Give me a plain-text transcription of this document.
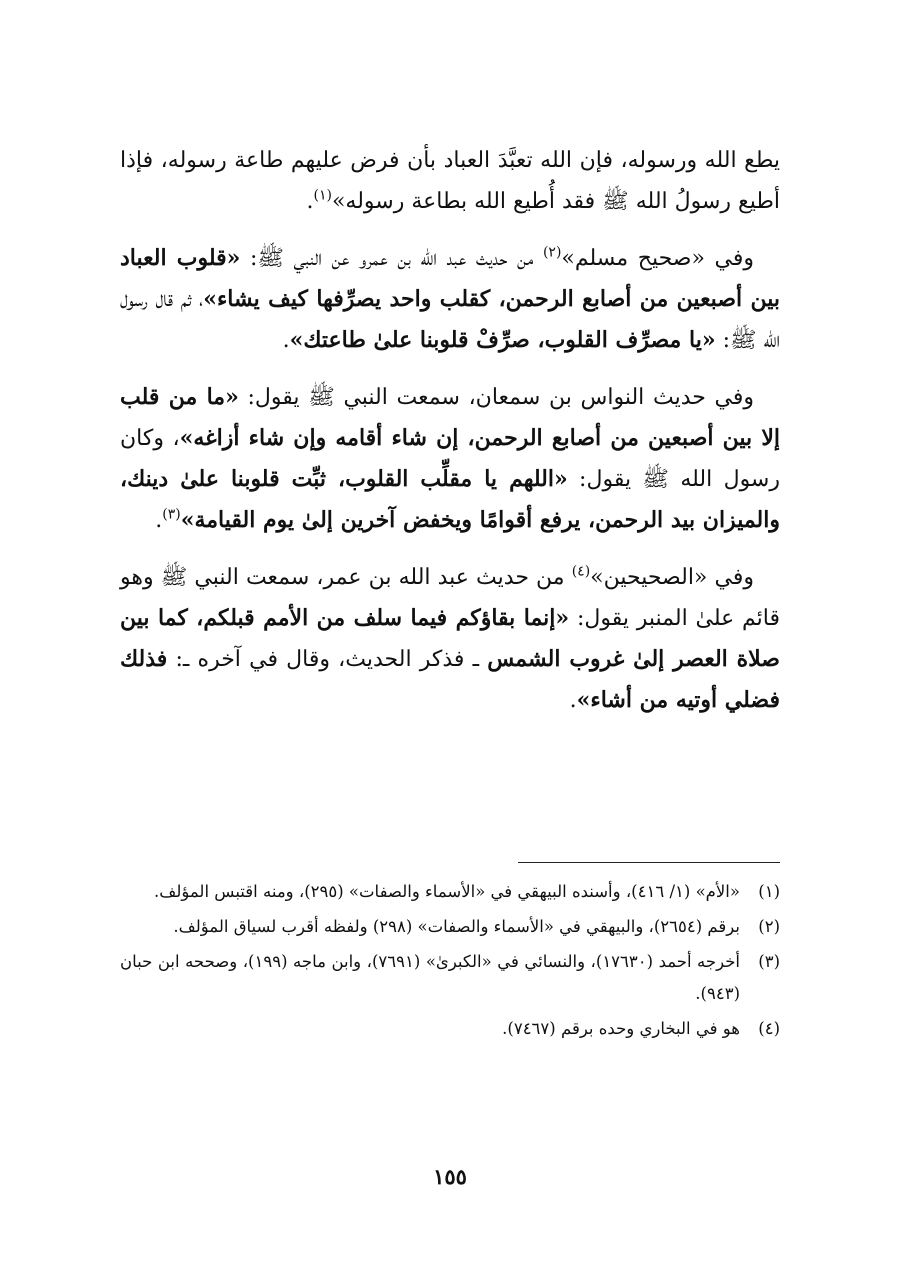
يطع الله ورسوله، فإن الله تعبَّدَ العباد بأن فرض عليهم طاعة رسوله، فإذا أطيع رسولُ الله ﷺ فقد أُطيع الله بطاعة رسوله»$^{(١)}$.

وفي «صحيح مسلم»$^{(٢)}$ من حديث عبد الله بن عمرو عن النبي ﷺ: «قلوب العباد بين أصبعين من أصابع الرحمن، كقلب واحد يصرِّفها كيف يشاء»، ثم قال رسول الله ﷺ: «يا مصرِّف القلوب، صرِّفْ قلوبنا علىٰ طاعتك».

وفي حديث النواس بن سمعان، سمعت النبي ﷺ يقول: «ما من قلب إلا بين أصبعين من أصابع الرحمن، إن شاء أقامه وإن شاء أزاغه»، وكان رسول الله ﷺ يقول: «اللهم يا مقلِّب القلوب، ثبِّت قلوبنا علىٰ دينك، والميزان بيد الرحمن، يرفع أقوامًا ويخفض آخرين إلىٰ يوم القيامة»$^{(٣)}$.

وفي «الصحيحين»$^{(٤)}$ من حديث عبد الله بن عمر، سمعت النبي ﷺ وهو قائم علىٰ المنبر يقول: «إنما بقاؤكم فيما سلف من الأمم قبلكم، كما بين صلاة العصر إلىٰ غروب الشمس ـ فذكر الحديث، وقال في آخره ـ: فذلك فضلي أوتيه من أشاء».

(١)
«الأم» (١/ ٤١٦)، وأسنده البيهقي في «الأسماء والصفات» (٢٩٥)، ومنه اقتبس المؤلف.
(٢)
برقم (٢٦٥٤)، والبيهقي في «الأسماء والصفات» (٢٩٨) ولفظه أقرب لسياق المؤلف.
(٣)
أخرجه أحمد (١٧٦٣٠)، والنسائي في «الكبرىٰ» (٧٦٩١)، وابن ماجه (١٩٩)، وصححه ابن حبان (٩٤٣).
(٤)
هو في البخاري وحده برقم (٧٤٦٧).
١٥٥
